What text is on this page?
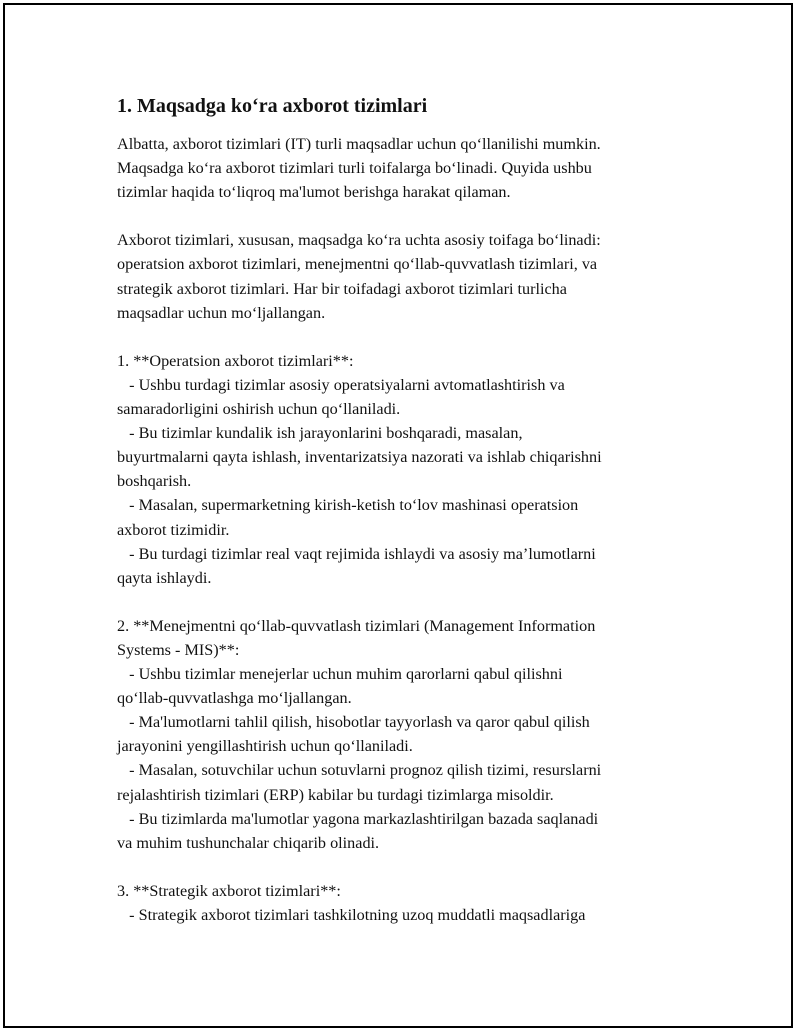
1. Maqsadga ko‘ra axborot tizimlari

Albatta, axborot tizimlari (IT) turli maqsadlar uchun qo‘llanilishi mumkin.
Maqsadga ko‘ra axborot tizimlari turli toifalarga bo‘linadi. Quyida ushbu
tizimlar haqida to‘liqroq ma'lumot berishga harakat qilaman.

Axborot tizimlari, xususan, maqsadga ko‘ra uchta asosiy toifaga bo‘linadi:
operatsion axborot tizimlari, menejmentni qo‘llab-quvvatlash tizimlari, va
strategik axborot tizimlari. Har bir toifadagi axborot tizimlari turlicha
maqsadlar uchun mo‘ljallangan.

1. **Operatsion axborot tizimlari**:
- Ushbu turdagi tizimlar asosiy operatsiyalarni avtomatlashtirish va
samaradorligini oshirish uchun qo‘llaniladi.
- Bu tizimlar kundalik ish jarayonlarini boshqaradi, masalan,
buyurtmalarni qayta ishlash, inventarizatsiya nazorati va ishlab chiqarishni
boshqarish.
- Masalan, supermarketning kirish-ketish to‘lov mashinasi operatsion
axborot tizimidir.
- Bu turdagi tizimlar real vaqt rejimida ishlaydi va asosiy ma’lumotlarni
qayta ishlaydi.

2. **Menejmentni qo‘llab-quvvatlash tizimlari (Management Information
Systems - MIS)**:
- Ushbu tizimlar menejerlar uchun muhim qarorlarni qabul qilishni
qo‘llab-quvvatlashga mo‘ljallangan.
- Ma'lumotlarni tahlil qilish, hisobotlar tayyorlash va qaror qabul qilish
jarayonini yengillashtirish uchun qo‘llaniladi.
- Masalan, sotuvchilar uchun sotuvlarni prognoz qilish tizimi, resurslarni
rejalashtirish tizimlari (ERP) kabilar bu turdagi tizimlarga misoldir.
- Bu tizimlarda ma'lumotlar yagona markazlashtirilgan bazada saqlanadi
va muhim tushunchalar chiqarib olinadi.

3. **Strategik axborot tizimlari**:
- Strategik axborot tizimlari tashkilotning uzoq muddatli maqsadlariga
